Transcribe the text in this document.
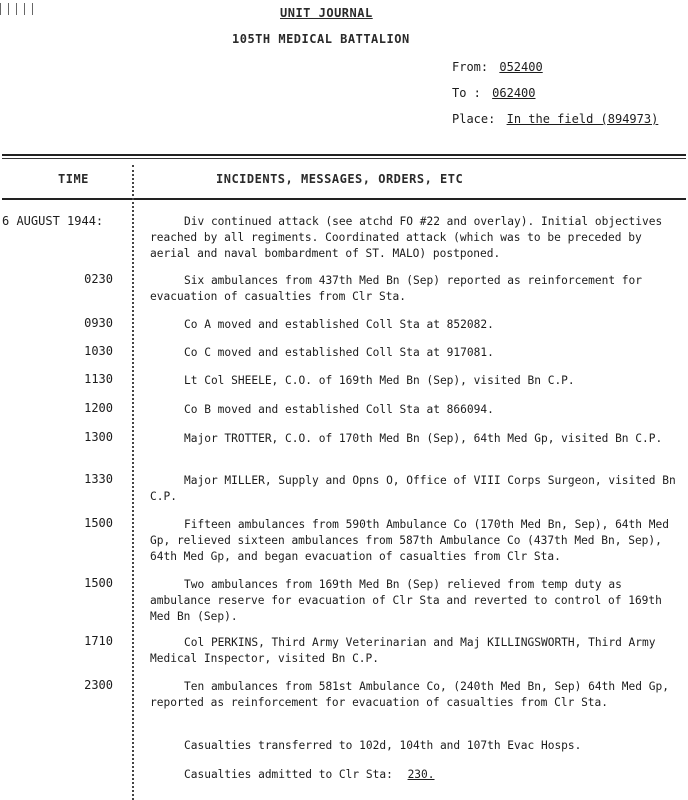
UNIT JOURNAL
105TH MEDICAL BATTALION
From: 052400
To : 062400
Place: In the field (894973)
TIME	INCIDENTS, MESSAGES, ORDERS, ETC
6 AUGUST 1944:	Div continued attack (see atchd FO #22 and overlay). Initial objectives reached by all regiments. Coordinated attack (which was to be preceded by aerial and naval bombardment of ST. MALO) postponed.
0230	Six ambulances from 437th Med Bn (Sep) reported as reinforcement for evacuation of casualties from Clr Sta.
0930	Co A moved and established Coll Sta at 852082.
1030	Co C moved and established Coll Sta at 917081.
1130	Lt Col SHEELE, C.O. of 169th Med Bn (Sep), visited Bn C.P.
1200	Co B moved and established Coll Sta at 866094.
1300	Major TROTTER, C.O. of 170th Med Bn (Sep), 64th Med Gp, visited Bn C.P.
1330	Major MILLER, Supply and Opns O, Office of VIII Corps Surgeon, visited Bn C.P.
1500	Fifteen ambulances from 590th Ambulance Co (170th Med Bn, Sep), 64th Med Gp, relieved sixteen ambulances from 587th Ambulance Co (437th Med Bn, Sep), 64th Med Gp, and began evacuation of casualties from Clr Sta.
1500	Two ambulances from 169th Med Bn (Sep) relieved from temp duty as ambulance reserve for evacuation of Clr Sta and reverted to control of 169th Med Bn (Sep).
1710	Col PERKINS, Third Army Veterinarian and Maj KILLINGSWORTH, Third Army Medical Inspector, visited Bn C.P.
2300	Ten ambulances from 581st Ambulance Co, (240th Med Bn, Sep) 64th Med Gp, reported as reinforcement for evacuation of casualties from Clr Sta.
Casualties transferred to 102d, 104th and 107th Evac Hosps.
Casualties admitted to Clr Sta: 230.
